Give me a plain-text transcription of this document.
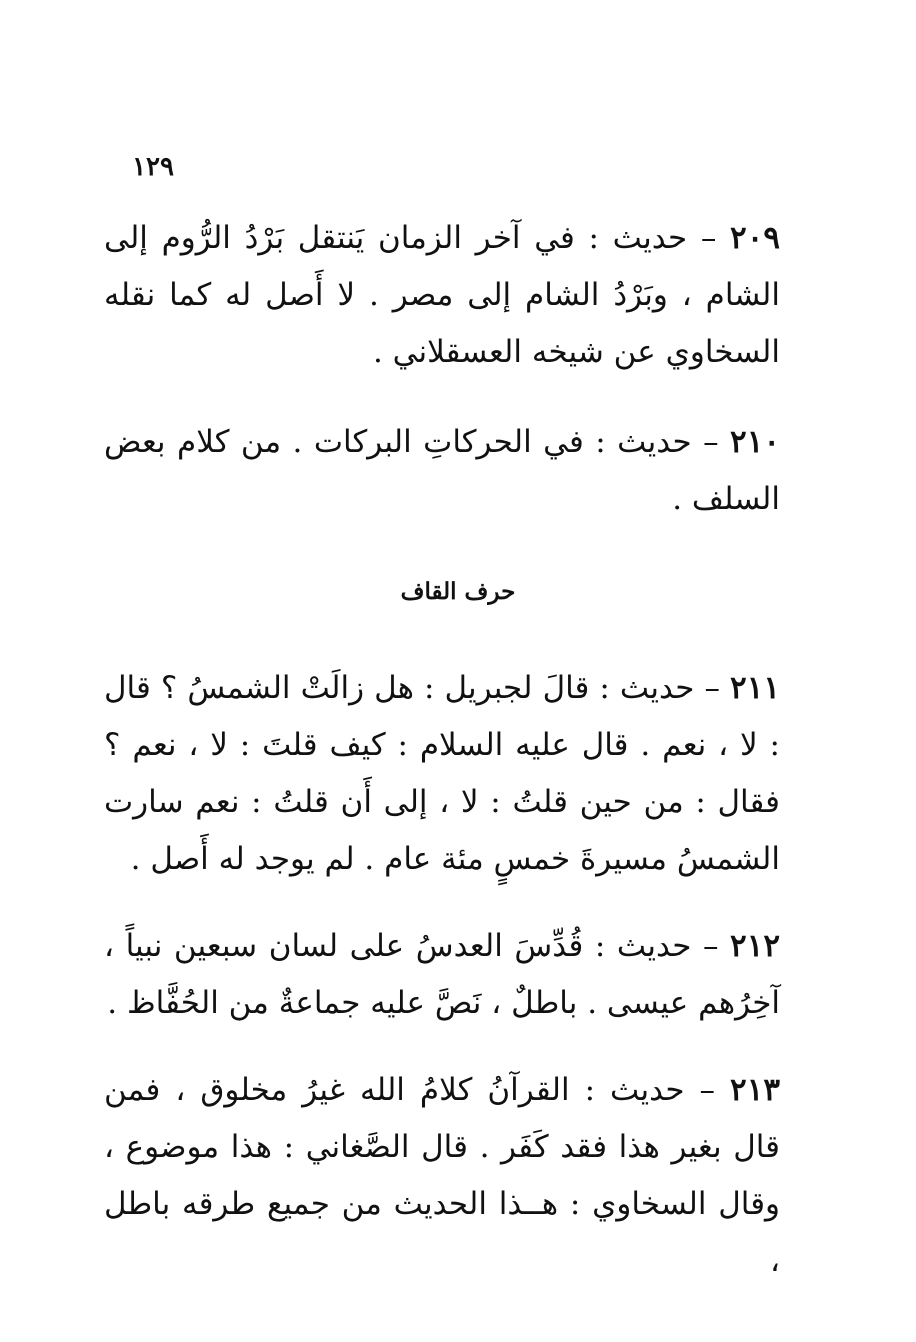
١٢٩
٢٠٩ – حديث : في آخر الزمان يَنتقل بَرْدُ الرُّوم إلى الشام ، وبَرْدُ الشام إلى مصر . لا أَصل له كما نقله السخاوي عن شيخه العسقلاني .
٢١٠ – حديث : في الحركاتِ البركات . من كلام بعض السلف .
حرف القاف
٢١١ – حديث : قالَ لجبريل : هل زالَتْ الشمسُ ؟ قال : لا ، نعم . قال عليه السلام : كيف قلتَ : لا ، نعم ؟ فقال : من حين قلتُ : لا ، إلى أَن قلتُ : نعم سارت الشمسُ مسيرةَ خمسٍ مئة عام . لم يوجد له أَصل .
٢١٢ – حديث : قُدِّسَ العدسُ على لسان سبعين نبياً ، آخِرُهم عيسى . باطلٌ ، نَصَّ عليه جماعةٌ من الحُفَّاظ .
٢١٣ – حديث : القرآنُ كلامُ الله غيرُ مخلوق ، فمن قال بغير هذا فقد كَفَر . قال الصَّغاني : هذا موضوع ، وقال السخاوي : هــذا الحديث من جميع طرقه باطل ،
